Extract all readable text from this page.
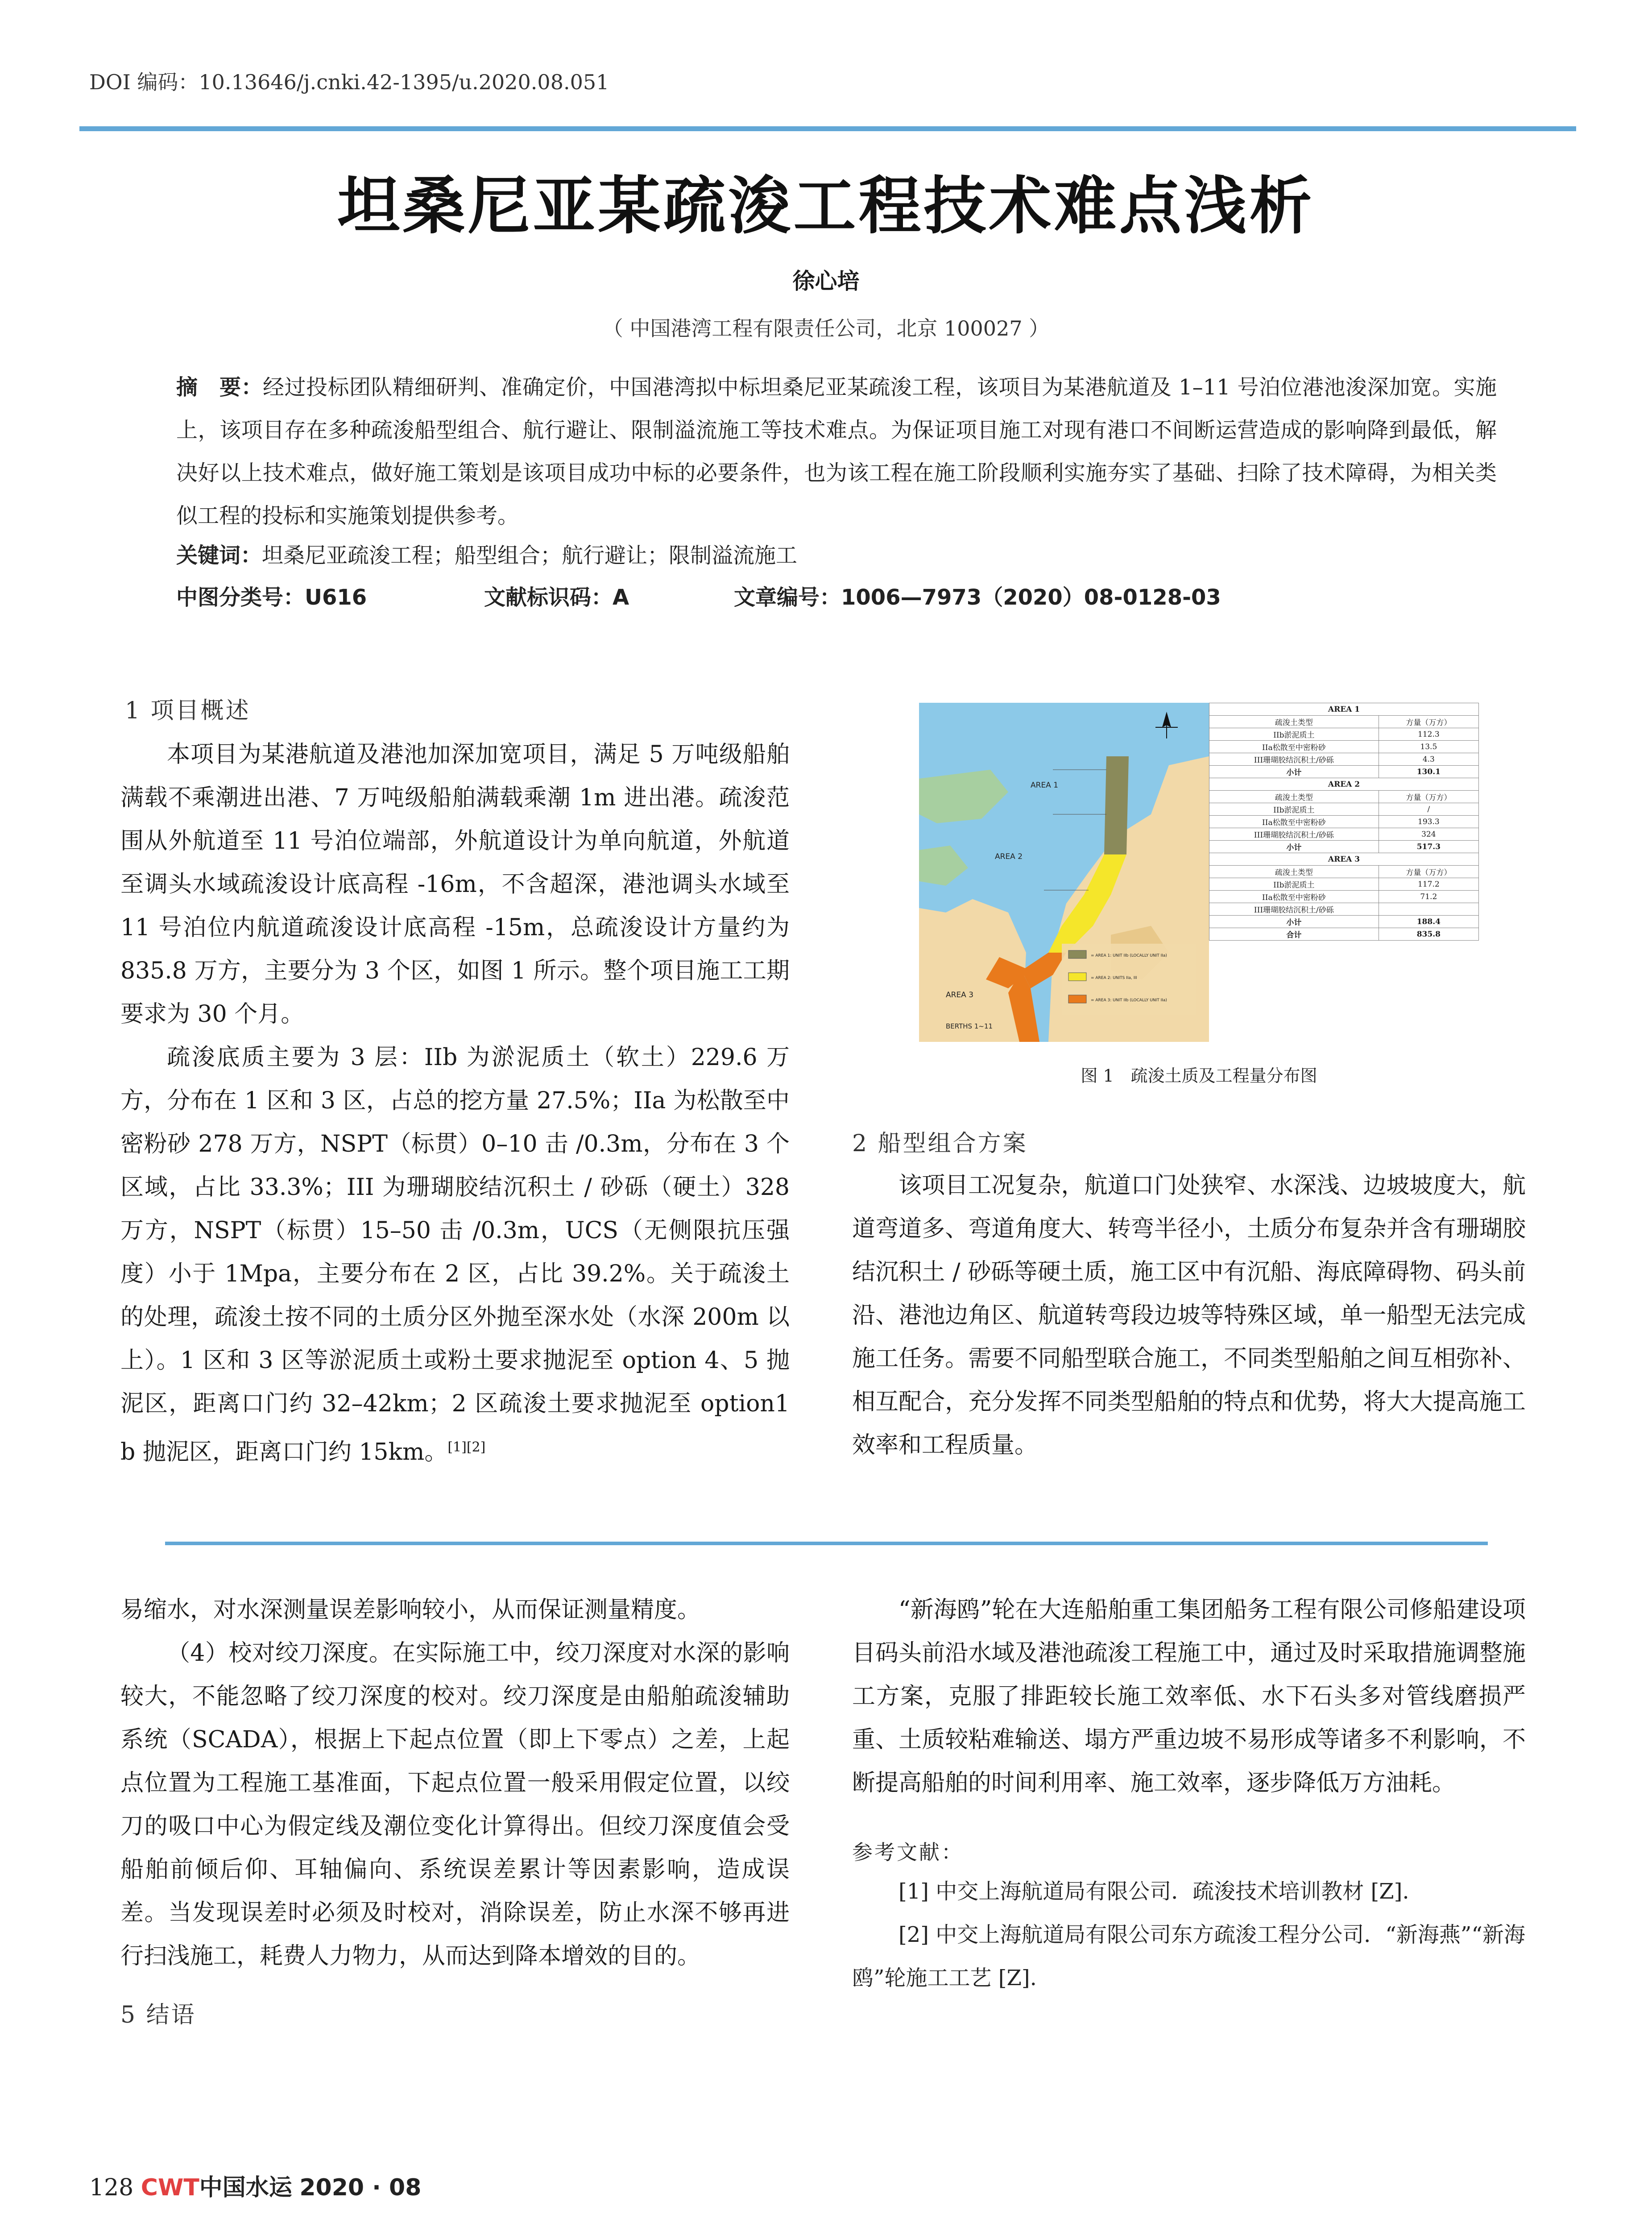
DOI 编码：10.13646/j.cnki.42-1395/u.2020.08.051
坦桑尼亚某疏浚工程技术难点浅析
徐心培
（ 中国港湾工程有限责任公司，北京 100027 ）
摘　要：经过投标团队精细研判、准确定价，中国港湾拟中标坦桑尼亚某疏浚工程，该项目为某港航道及 1–11 号泊位港池浚深加宽。实施上，该项目存在多种疏浚船型组合、航行避让、限制溢流施工等技术难点。为保证项目施工对现有港口不间断运营造成的影响降到最低，解决好以上技术难点，做好施工策划是该项目成功中标的必要条件，也为该工程在施工阶段顺利实施夯实了基础、扫除了技术障碍，为相关类似工程的投标和实施策划提供参考。
关键词：坦桑尼亚疏浚工程；船型组合；航行避让；限制溢流施工
中图分类号：U616	文献标识码：A	文章编号：1006—7973（2020）08-0128-03
1 项目概述

本项目为某港航道及港池加深加宽项目，满足 5 万吨级船舶满载不乘潮进出港、7 万吨级船舶满载乘潮 1m 进出港。疏浚范围从外航道至 11 号泊位端部，外航道设计为单向航道，外航道至调头水域疏浚设计底高程 -16m，不含超深，港池调头水域至 11 号泊位内航道疏浚设计底高程 -15m，总疏浚设计方量约为 835.8 万方，主要分为 3 个区，如图 1 所示。整个项目施工工期要求为 30 个月。

疏浚底质主要为 3 层：IIb 为淤泥质土（软土）229.6 万方，分布在 1 区和 3 区，占总的挖方量 27.5%；IIa 为松散至中密粉砂 278 万方，NSPT（标贯）0–10 击 /0.3m，分布在 3 个区域，占比 33.3%；III 为珊瑚胶结沉积土 / 砂砾（硬土）328 万方，NSPT（标贯）15–50 击 /0.3m，UCS（无侧限抗压强度）小于 1Mpa，主要分布在 2 区，占比 39.2%。关于疏浚土的处理，疏浚土按不同的土质分区外抛至深水处（水深 200m 以上）。1 区和 3 区等淤泥质土或粉土要求抛泥至 option 4、5 抛泥区，距离口门约 32–42km；2 区疏浚土要求抛泥至 option1 b 抛泥区，距离口门约 15km。[1][2]

AREA 1
AREA 2
AREA 3
BERTHS 1~11
= AREA 1: UNIT IIb (LOCALLY UNIT IIa)
= AREA 2: UNITS IIa, III
= AREA 3: UNIT IIb (LOCALLY UNIT IIa)
AREA 1	
疏浚土类型	方量（万方）
IIb淤泥质土	112.3
IIa松散至中密粉砂	13.5
III珊瑚胶结沉积土/砂砾	4.3
小计	130.1
AREA 2	
疏浚土类型	方量（万方）
IIb淤泥质土	/
IIa松散至中密粉砂	193.3
III珊瑚胶结沉积土/砂砾	324
小计	517.3
AREA 3	
疏浚土类型	方量（万方）
IIb淤泥质土	117.2
IIa松散至中密粉砂	71.2
III珊瑚胶结沉积土/砂砾	
小计	188.4
合计	835.8
图 1　疏浚土质及工程量分布图
2 船型组合方案

该项目工况复杂，航道口门处狭窄、水深浅、边坡坡度大，航道弯道多、弯道角度大、转弯半径小，土质分布复杂并含有珊瑚胶结沉积土 / 砂砾等硬土质，施工区中有沉船、海底障碍物、码头前沿、港池边角区、航道转弯段边坡等特殊区域，单一船型无法完成施工任务。需要不同船型联合施工，不同类型船舶之间互相弥补、相互配合，充分发挥不同类型船舶的特点和优势，将大大提高施工效率和工程质量。

易缩水，对水深测量误差影响较小，从而保证测量精度。

（4）校对绞刀深度。在实际施工中，绞刀深度对水深的影响较大，不能忽略了绞刀深度的校对。绞刀深度是由船舶疏浚辅助系统（SCADA），根据上下起点位置（即上下零点）之差，上起点位置为工程施工基准面，下起点位置一般采用假定位置，以绞刀的吸口中心为假定线及潮位变化计算得出。但绞刀深度值会受船舶前倾后仰、耳轴偏向、系统误差累计等因素影响，造成误差。当发现误差时必须及时校对，消除误差，防止水深不够再进行扫浅施工，耗费人力物力，从而达到降本增效的目的。

5 结语

“新海鸥”轮在大连船舶重工集团船务工程有限公司修船建设项目码头前沿水域及港池疏浚工程施工中，通过及时采取措施调整施工方案，克服了排距较长施工效率低、水下石头多对管线磨损严重、土质较粘难输送、塌方严重边坡不易形成等诸多不利影响，不断提高船舶的时间利用率、施工效率，逐步降低万方油耗。

参考文献：
[1] 中交上海航道局有限公司．疏浚技术培训教材 [Z].
[2] 中交上海航道局有限公司东方疏浚工程分公司．“新海燕”“新海鸥”轮施工工艺 [Z].
128 CWT中国水运 2020 · 08
